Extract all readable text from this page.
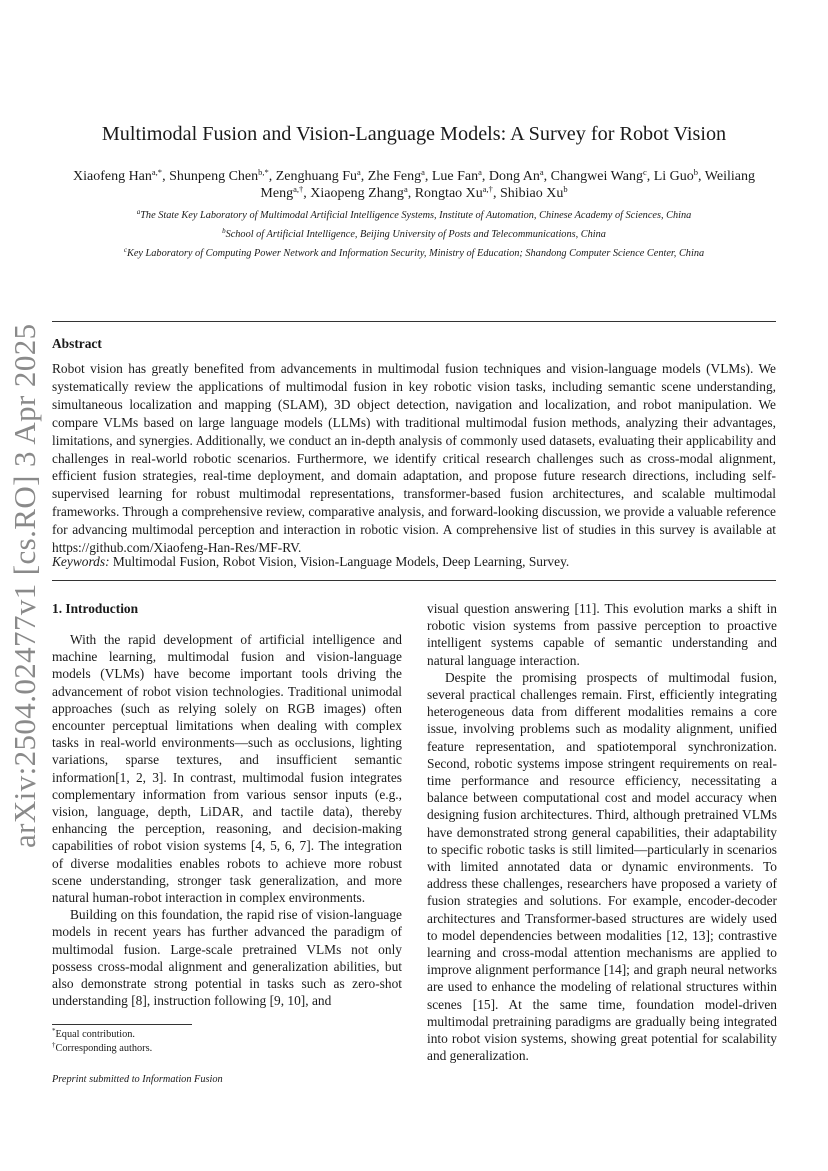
arXiv:2504.02477v1 [cs.RO] 3 Apr 2025
Multimodal Fusion and Vision-Language Models: A Survey for Robot Vision
Xiaofeng Han$^{a,*}$, Shunpeng Chen$^{b,*}$, Zenghuang Fu$^a$, Zhe Feng$^a$, Lue Fan$^a$, Dong An$^a$, Changwei Wang$^c$, Li Guo$^b$, Weiliang Meng$^{a,\dagger}$, Xiaopeng Zhang$^a$, Rongtao $Xu^{a,\dagger}$, Shibiao Xu$^b$
$^a$The State Key Laboratory of Multimodal Artificial Intelligence Systems, Institute of Automation, Chinese Academy of Sciences, China
$^b$School of Artificial Intelligence, Beijing University of Posts and Telecommunications, China
$^c$Key Laboratory of Computing Power Network and Information Security, Ministry of Education; Shandong Computer Science Center, China
Abstract

Robot vision has greatly benefited from advancements in multimodal fusion techniques and vision-language models (VLMs). We systematically review the applications of multimodal fusion in key robotic vision tasks, including semantic scene understanding, simultaneous localization and mapping (SLAM), 3D object detection, navigation and localization, and robot manipulation. We compare VLMs based on large language models (LLMs) with traditional multimodal fusion methods, analyzing their advantages, limitations, and synergies. Additionally, we conduct an in-depth analysis of commonly used datasets, evaluating their applicability and challenges in real-world robotic scenarios. Furthermore, we identify critical research challenges such as cross-modal alignment, efficient fusion strategies, real-time deployment, and domain adaptation, and propose future research directions, including self-supervised learning for robust multimodal representations, transformer-based fusion architectures, and scalable multimodal frameworks. Through a comprehensive review, comparative analysis, and forward-looking discussion, we provide a valuable reference for advancing multimodal perception and interaction in robotic vision. A comprehensive list of studies in this survey is available at https://github.com/Xiaofeng-Han-Res/MF-RV.

Keywords: Multimodal Fusion, Robot Vision, Vision-Language Models, Deep Learning, Survey.

1. Introduction

With the rapid development of artificial intelligence and machine learning, multimodal fusion and vision-language models (VLMs) have become important tools driving the advancement of robot vision technologies. Traditional unimodal approaches (such as relying solely on RGB images) often encounter perceptual limitations when dealing with complex tasks in real-world environments—such as occlusions, lighting variations, sparse textures, and insufficient semantic information[1, 2, 3]. In contrast, multimodal fusion integrates complementary information from various sensor inputs (e.g., vision, language, depth, LiDAR, and tactile data), thereby enhancing the perception, reasoning, and decision-making capabilities of robot vision systems [4, 5, 6, 7]. The integration of diverse modalities enables robots to achieve more robust scene understanding, stronger task generalization, and more natural human-robot interaction in complex environments.

Building on this foundation, the rapid rise of vision-language models in recent years has further advanced the paradigm of multimodal fusion. Large-scale pretrained VLMs not only possess cross-modal alignment and generalization abilities, but also demonstrate strong potential in tasks such as zero-shot understanding [8], instruction following [9, 10], and

visual question answering [11]. This evolution marks a shift in robotic vision systems from passive perception to proactive intelligent systems capable of semantic understanding and natural language interaction.

Despite the promising prospects of multimodal fusion, several practical challenges remain. First, efficiently integrating heterogeneous data from different modalities remains a core issue, involving problems such as modality alignment, unified feature representation, and spatiotemporal synchronization. Second, robotic systems impose stringent requirements on real-time performance and resource efficiency, necessitating a balance between computational cost and model accuracy when designing fusion architectures. Third, although pretrained VLMs have demonstrated strong general capabilities, their adaptability to specific robotic tasks is still limited—particularly in scenarios with limited annotated data or dynamic environments. To address these challenges, researchers have proposed a variety of fusion strategies and solutions. For example, encoder-decoder architectures and Transformer-based structures are widely used to model dependencies between modalities [12, 13]; contrastive learning and cross-modal attention mechanisms are applied to improve alignment performance [14]; and graph neural networks are used to enhance the modeling of relational structures within scenes [15]. At the same time, foundation model-driven multimodal pretraining paradigms are gradually being integrated into robot vision systems, showing great potential for scalability and generalization.

*Equal contribution.
†Corresponding authors.
Preprint submitted to Information Fusion
